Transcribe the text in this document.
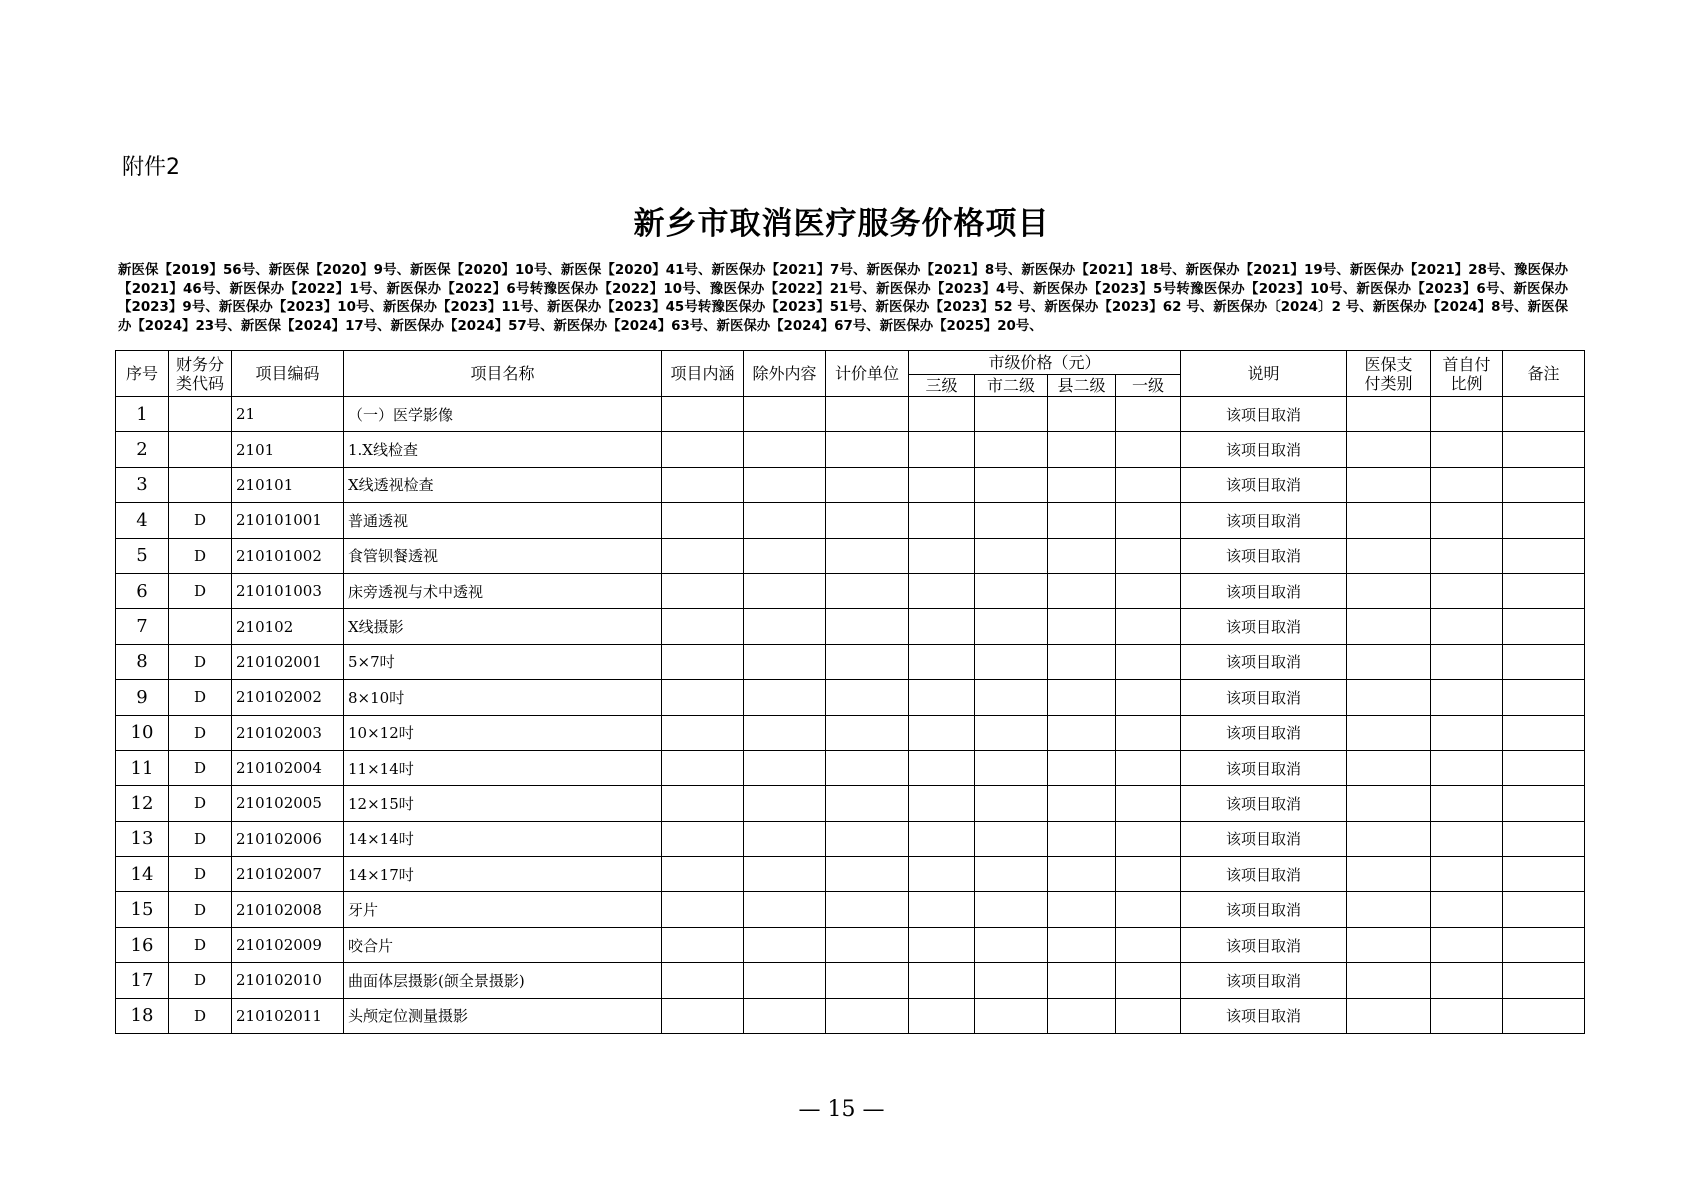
附件2
新乡市取消医疗服务价格项目
新医保【2019】56号、新医保【2020】9号、新医保【2020】10号、新医保【2020】41号、新医保办【2021】7号、新医保办【2021】8号、新医保办【2021】18号、新医保办【2021】19号、新医保办【2021】28号、豫医保办【2021】46号、新医保办【2022】1号、新医保办【2022】6号转豫医保办【2022】10号、豫医保办【2022】21号、新医保办【2023】4号、新医保办【2023】5号转豫医保办【2023】10号、新医保办【2023】6号、新医保办【2023】9号、新医保办【2023】10号、新医保办【2023】11号、新医保办【2023】45号转豫医保办【2023】51号、新医保办【2023】52 号、新医保办【2023】62 号、新医保办〔2024〕2 号、新医保办【2024】8号、新医保办【2024】23号、新医保【2024】17号、新医保办【2024】57号、新医保办【2024】63号、新医保办【2024】67号、新医保办【2025】20号、
序号	财务分类代码	项目编码	项目名称	项目内涵	除外内容	计价单位	市级价格（元）				说明	医保支付类别	首自付比例	备注
							三级	市二级	县二级	一级				
1		21	（一）医学影像								该项目取消			
2		2101	1.X线检查								该项目取消			
3		210101	X线透视检查								该项目取消			
4	D	210101001	普通透视								该项目取消			
5	D	210101002	食管钡餐透视								该项目取消			
6	D	210101003	床旁透视与术中透视								该项目取消			
7		210102	X线摄影								该项目取消			
8	D	210102001	5×7吋								该项目取消			
9	D	210102002	8×10吋								该项目取消			
10	D	210102003	10×12吋								该项目取消			
11	D	210102004	11×14吋								该项目取消			
12	D	210102005	12×15吋								该项目取消			
13	D	210102006	14×14吋								该项目取消			
14	D	210102007	14×17吋								该项目取消			
15	D	210102008	牙片								该项目取消			
16	D	210102009	咬合片								该项目取消			
17	D	210102010	曲面体层摄影(颌全景摄影)								该项目取消			
18	D	210102011	头颅定位测量摄影								该项目取消			
— 15 —
